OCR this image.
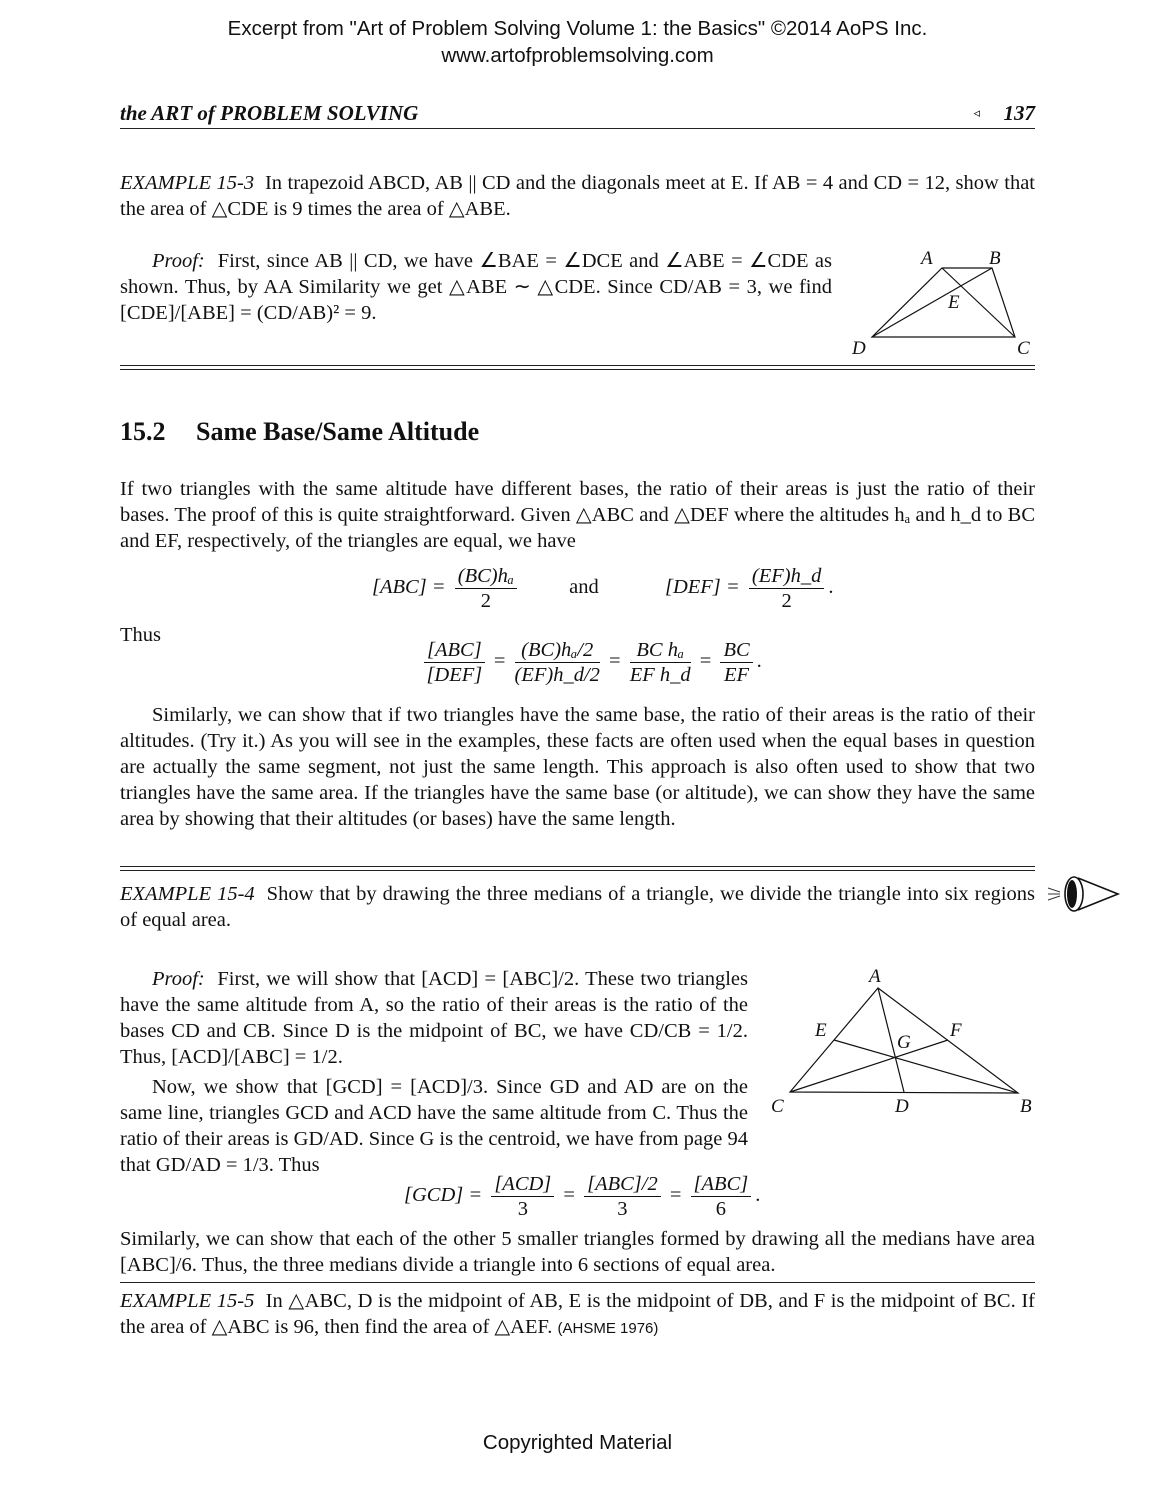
Excerpt from "Art of Problem Solving Volume 1: the Basics" ©2014 AoPS Inc.
www.artofproblemsolving.com
the ART of PROBLEM SOLVING	◃ 137
EXAMPLE 15-3 In trapezoid ABCD, AB || CD and the diagonals meet at E. If AB = 4 and CD = 12, show that the area of △CDE is 9 times the area of △ABE.
Proof: First, since AB || CD, we have ∠BAE = ∠DCE and ∠ABE = ∠CDE as shown. Thus, by AA Similarity we get △ABE ∼ △CDE. Since CD/AB = 3, we find [CDE]/[ABE] = (CD/AB)² = 9.
A	B
E
D	C
15.2 Same Base/Same Altitude
If two triangles with the same altitude have different bases, the ratio of their areas is just the ratio of their bases. The proof of this is quite straightforward. Given △ABC and △DEF where the altitudes hₐ and h_d to BC and EF, respectively, of the triangles are equal, we have
$[ABC] = \frac{\text{(BC)hₐ}}{2}$	and	$[DEF] = \frac{(EF)h\_d}{2}$ .
Thus
$\frac{\text{[ABC]}}{\text{[DEF]}} = \frac{\text{(BC)hₐ/2}}{(EF)h\_d/2} = \frac{\text{BC hₐ}}{\text{EF h\_d}} = \frac{BC}{EF}$ .
Similarly, we can show that if two triangles have the same base, the ratio of their areas is the ratio of their altitudes. (Try it.) As you will see in the examples, these facts are often used when the equal bases in question are actually the same segment, not just the same length. This approach is also often used to show that two triangles have the same area. If the triangles have the same base (or altitude), we can show they have the same area by showing that their altitudes (or bases) have the same length.
EXAMPLE 15-4 Show that by drawing the three medians of a triangle, we divide the triangle into six regions of equal area.
Proof: First, we will show that [ACD] = [ABC]/2. These two triangles have the same altitude from A, so the ratio of their areas is the ratio of the bases CD and CB. Since D is the midpoint of BC, we have CD/CB = 1/2. Thus, [ACD]/[ABC] = 1/2.
Now, we show that [GCD] = [ACD]/3. Since GD and AD are on the same line, triangles GCD and ACD have the same altitude from C. Thus the ratio of their areas is GD/AD. Since G is the centroid, we have from page 94 that GD/AD = 1/3. Thus
A
E	F
G
C	D	B
$[GCD] = \frac{\text{[ACD]}}{3} = \frac{\text{[ABC]/2}}{3} = \frac{\text{[ABC]}}{6}$ .
Similarly, we can show that each of the other 5 smaller triangles formed by drawing all the medians have area [ABC]/6. Thus, the three medians divide a triangle into 6 sections of equal area.
EXAMPLE 15-5 In △ABC, D is the midpoint of AB, E is the midpoint of DB, and F is the midpoint of BC. If the area of △ABC is 96, then find the area of △AEF. (AHSME 1976)
Copyrighted Material
